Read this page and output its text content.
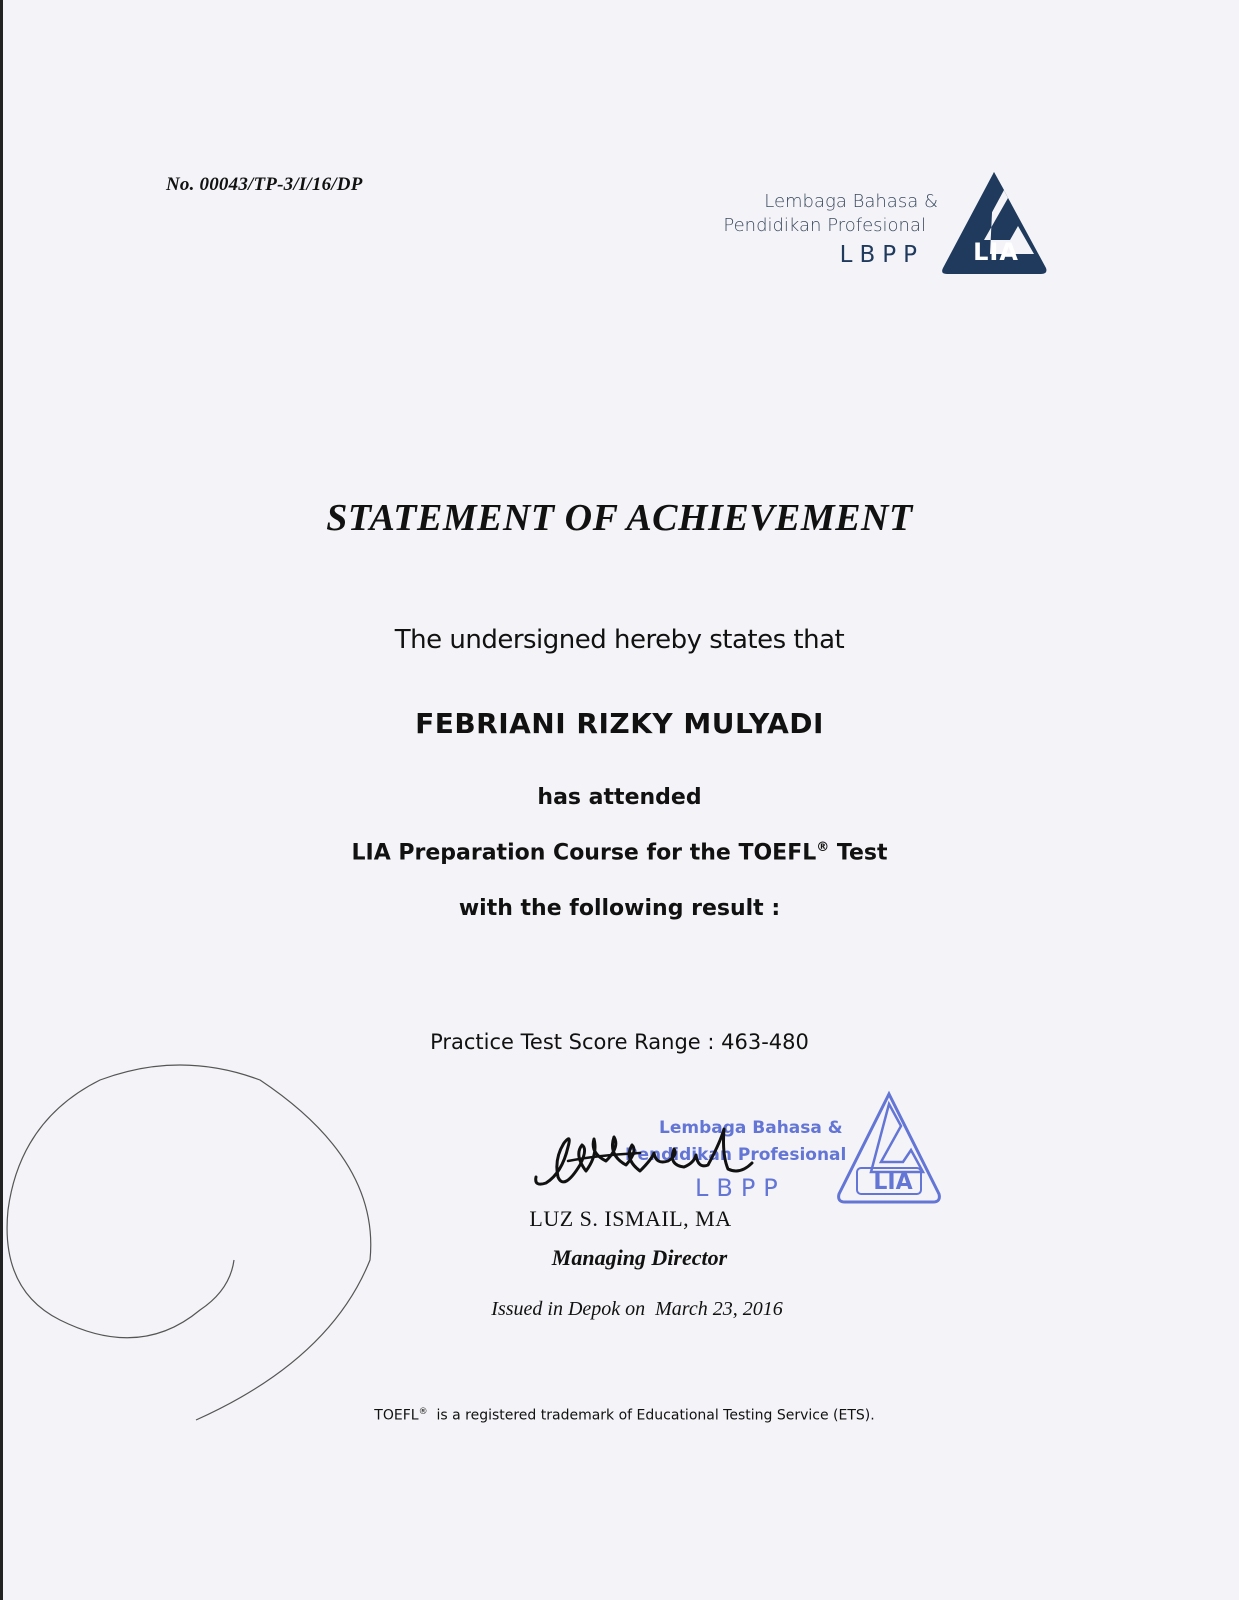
No. 00043/TP-3/I/16/DP
Lembaga Bahasa &
Pendidikan Profesional
LBPP	LIA
STATEMENT OF ACHIEVEMENT
The undersigned hereby states that
FEBRIANI RIZKY MULYADI
has attended
LIA Preparation Course for the TOEFL® Test
with the following result :
Practice Test Score Range : 463-480
Lembaga Bahasa &
Pendidikan Profesional
LBPP	LIA
LUZ S. ISMAIL, MA
Managing Director
Issued in Depok on  March 23, 2016
TOEFL®  is a registered trademark of Educational Testing Service (ETS).
